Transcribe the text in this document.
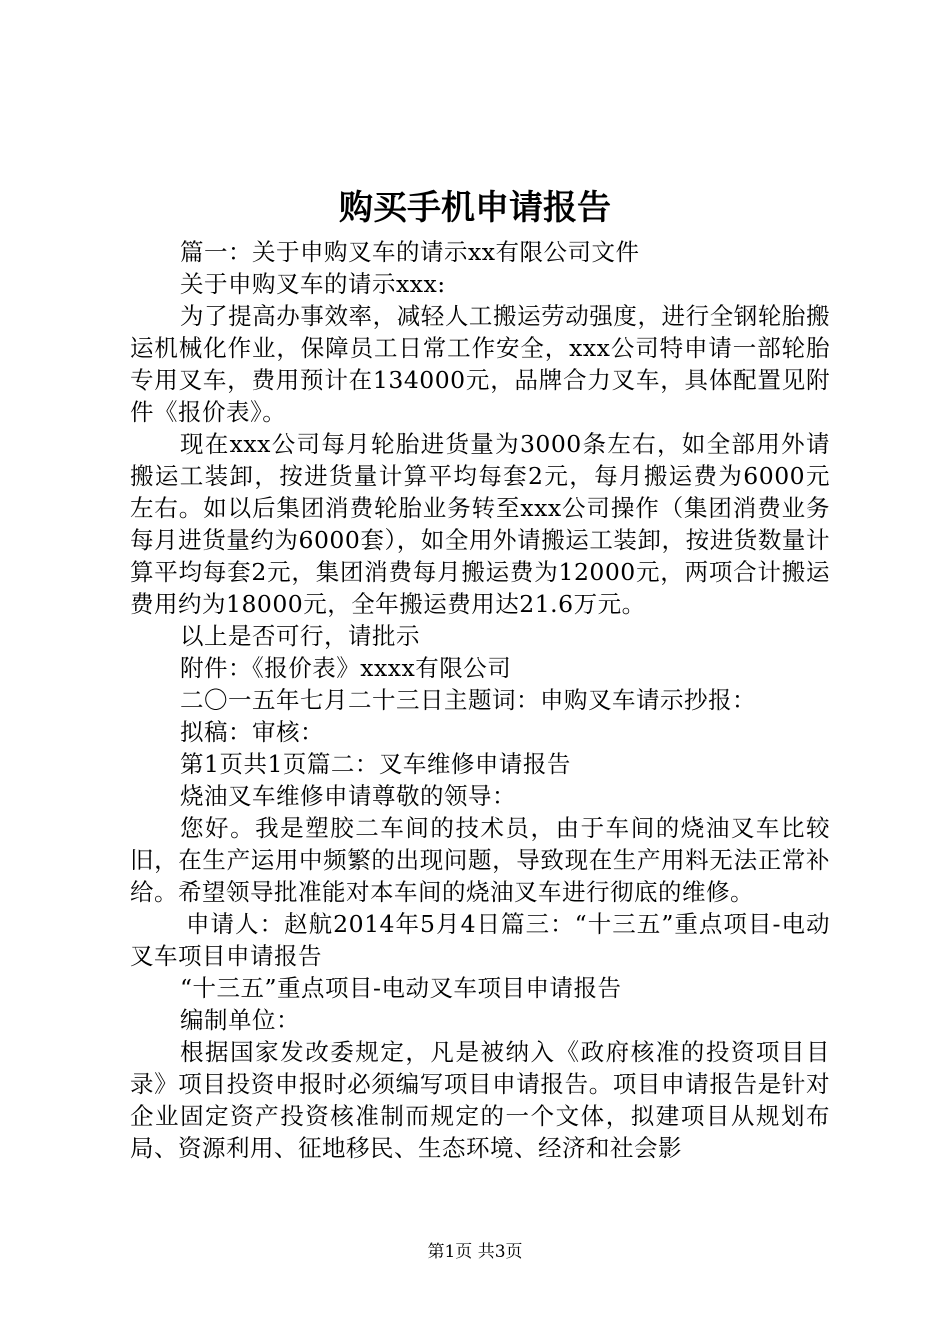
购买手机申请报告

篇一：关于申购叉车的请示xx有限公司文件

关于申购叉车的请示xxx:

为了提高办事效率，减轻人工搬运劳动强度，进行全钢轮胎搬运机械化作业，保障员工日常工作安全，xxx公司特申请一部轮胎专用叉车，费用预计在134000元，品牌合力叉车，具体配置见附件《报价表》。

现在xxx公司每月轮胎进货量为3000条左右，如全部用外请搬运工装卸，按进货量计算平均每套2元，每月搬运费为6000元左右。如以后集团消费轮胎业务转至xxx公司操作（集团消费业务每月进货量约为6000套），如全用外请搬运工装卸，按进货数量计算平均每套2元，集团消费每月搬运费为12000元，两项合计搬运费用约为18000元，全年搬运费用达21.6万元。

以上是否可行，请批示

附件：《报价表》xxxx有限公司

二〇一五年七月二十三日主题词：申购叉车请示抄报：

拟稿：审核：

第1页共1页篇二：叉车维修申请报告

烧油叉车维修申请尊敬的领导：

您好。我是塑胶二车间的技术员，由于车间的烧油叉车比较旧，在生产运用中频繁的出现问题，导致现在生产用料无法正常补给。希望领导批准能对本车间的烧油叉车进行彻底的维修。

申请人：赵航2014年5月4日篇三：“十三五”重点项目-电动叉车项目申请报告

“十三五”重点项目-电动叉车项目申请报告

编制单位：

根据国家发改委规定，凡是被纳入《政府核准的投资项目目录》项目投资申报时必须编写项目申请报告。项目申请报告是针对企业固定资产投资核准制而规定的一个文体，拟建项目从规划布局、资源利用、征地移民、生态环境、经济和社会影

第1页 共3页
